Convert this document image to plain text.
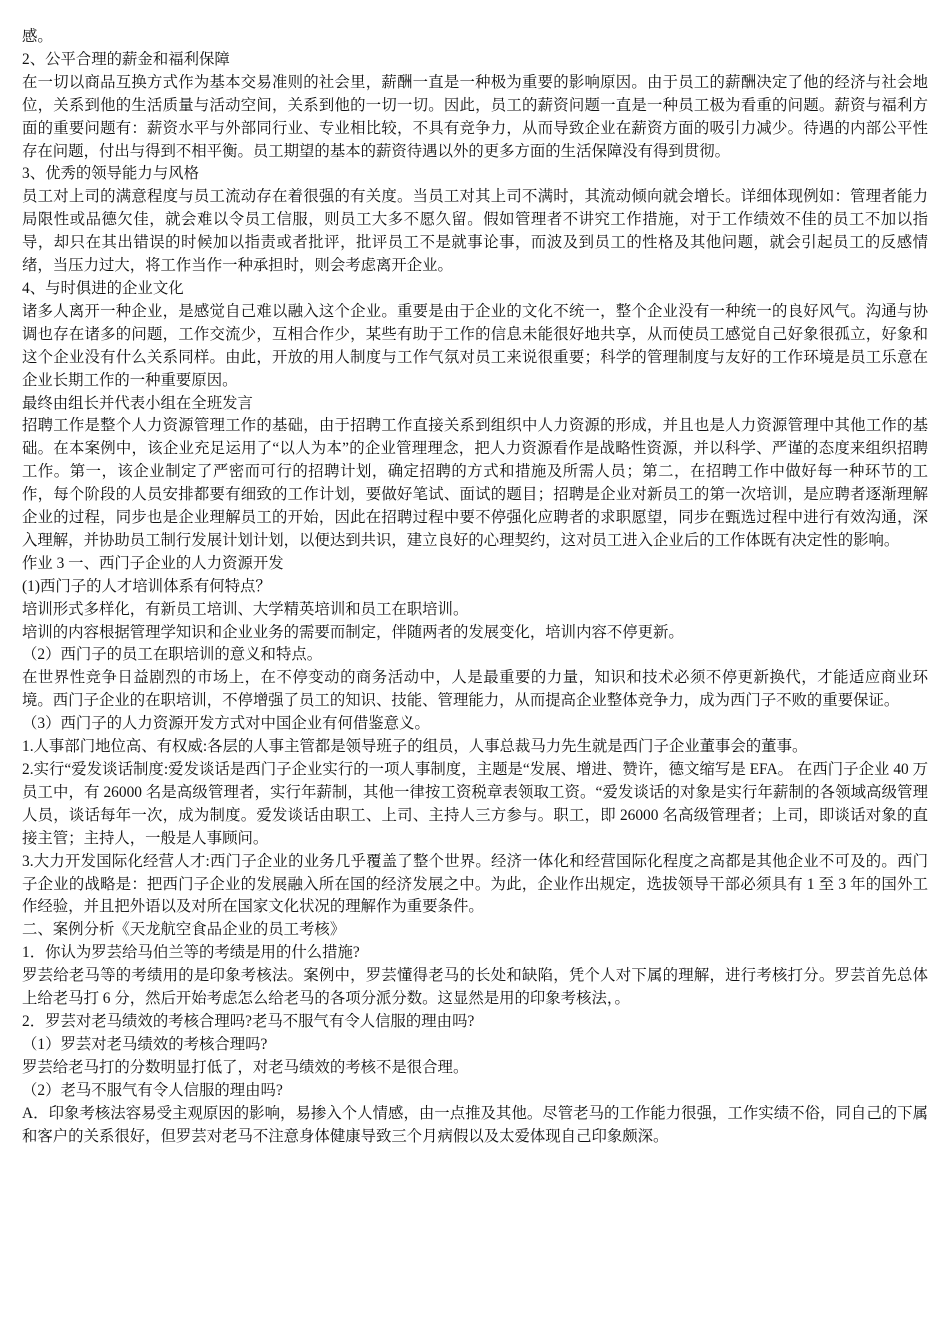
感。

2、公平合理的薪金和福利保障

在一切以商品互换方式作为基本交易准则的社会里，薪酬一直是一种极为重要的影响原因。由于员工的薪酬决定了他的经济与社会地位，关系到他的生活质量与活动空间，关系到他的一切一切。因此，员工的薪资问题一直是一种员工极为看重的问题。薪资与福利方面的重要问题有：薪资水平与外部同行业、专业相比较，不具有竞争力，从而导致企业在薪资方面的吸引力减少。待遇的内部公平性存在问题，付出与得到不相平衡。员工期望的基本的薪资待遇以外的更多方面的生活保障没有得到贯彻。

3、优秀的领导能力与风格

员工对上司的满意程度与员工流动存在着很强的有关度。当员工对其上司不满时，其流动倾向就会增长。详细体现例如：管理者能力局限性或品德欠佳，就会难以令员工信服，则员工大多不愿久留。假如管理者不讲究工作措施，对于工作绩效不佳的员工不加以指导，却只在其出错误的时候加以指责或者批评，批评员工不是就事论事，而波及到员工的性格及其他问题，就会引起员工的反感情绪，当压力过大，将工作当作一种承担时，则会考虑离开企业。

4、与时俱进的企业文化

诸多人离开一种企业，是感觉自己难以融入这个企业。重要是由于企业的文化不统一，整个企业没有一种统一的良好风气。沟通与协调也存在诸多的问题，工作交流少，互相合作少，某些有助于工作的信息未能很好地共享，从而使员工感觉自己好象很孤立，好象和这个企业没有什么关系同样。由此，开放的用人制度与工作气氛对员工来说很重要；科学的管理制度与友好的工作环境是员工乐意在企业长期工作的一种重要原因。

最终由组长并代表小组在全班发言

招聘工作是整个人力资源管理工作的基础，由于招聘工作直接关系到组织中人力资源的形成，并且也是人力资源管理中其他工作的基础。在本案例中，该企业充足运用了“以人为本”的企业管理理念，把人力资源看作是战略性资源，并以科学、严谨的态度来组织招聘工作。第一，该企业制定了严密而可行的招聘计划，确定招聘的方式和措施及所需人员；第二，在招聘工作中做好每一种环节的工作，每个阶段的人员安排都要有细致的工作计划，要做好笔试、面试的题目；招聘是企业对新员工的第一次培训，是应聘者逐渐理解企业的过程，同步也是企业理解员工的开始，因此在招聘过程中要不停强化应聘者的求职愿望，同步在甄选过程中进行有效沟通，深入理解，并协助员工制行发展计划计划，以便达到共识，建立良好的心理契约，这对员工进入企业后的工作体既有决定性的影响。

作业 3 一、西门子企业的人力资源开发

(1)西门子的人才培训体系有何特点？

培训形式多样化，有新员工培训、大学精英培训和员工在职培训。

培训的内容根据管理学知识和企业业务的需要而制定，伴随两者的发展变化，培训内容不停更新。

（2）西门子的员工在职培训的意义和特点。

在世界性竞争日益剧烈的市场上，在不停变动的商务活动中，人是最重要的力量，知识和技术必须不停更新换代，才能适应商业环境。西门子企业的在职培训，不停增强了员工的知识、技能、管理能力，从而提高企业整体竞争力，成为西门子不败的重要保证。

（3）西门子的人力资源开发方式对中国企业有何借鉴意义。

1.人事部门地位高、有权威:各层的人事主管都是领导班子的组员，人事总裁马力先生就是西门子企业董事会的董事。

2.实行“爱发谈话制度:爱发谈话是西门子企业实行的一项人事制度，主题是“发展、增进、赞许，德文缩写是 EFA。 在西门子企业 40 万员工中，有 26000 名是高级管理者，实行年薪制，其他一律按工资税章表领取工资。“爱发谈话的对象是实行年薪制的各领域高级管理人员，谈话每年一次，成为制度。爱发谈话由职工、上司、主持人三方参与。职工，即 26000 名高级管理者；上司，即谈话对象的直接主管；主持人，一般是人事顾问。

3.大力开发国际化经营人才:西门子企业的业务几乎覆盖了整个世界。经济一体化和经营国际化程度之高都是其他企业不可及的。西门子企业的战略是：把西门子企业的发展融入所在国的经济发展之中。为此，企业作出规定，选拔领导干部必须具有 1 至 3 年的国外工作经验，并且把外语以及对所在国家文化状况的理解作为重要条件。

二、案例分析《天龙航空食品企业的员工考核》

1．你认为罗芸给马伯兰等的考绩是用的什么措施?

罗芸给老马等的考绩用的是印象考核法。案例中，罗芸懂得老马的长处和缺陷，凭个人对下属的理解，进行考核打分。罗芸首先总体上给老马打 6 分，然后开始考虑怎么给老马的各项分派分数。这显然是用的印象考核法，。

2．罗芸对老马绩效的考核合理吗?老马不服气有令人信服的理由吗?

（1）罗芸对老马绩效的考核合理吗?

罗芸给老马打的分数明显打低了，对老马绩效的考核不是很合理。

（2）老马不服气有令人信服的理由吗?

A．印象考核法容易受主观原因的影响，易掺入个人情感，由一点推及其他。尽管老马的工作能力很强，工作实绩不俗，同自己的下属和客户的关系很好，但罗芸对老马不注意身体健康导致三个月病假以及太爱体现自己印象颇深。
